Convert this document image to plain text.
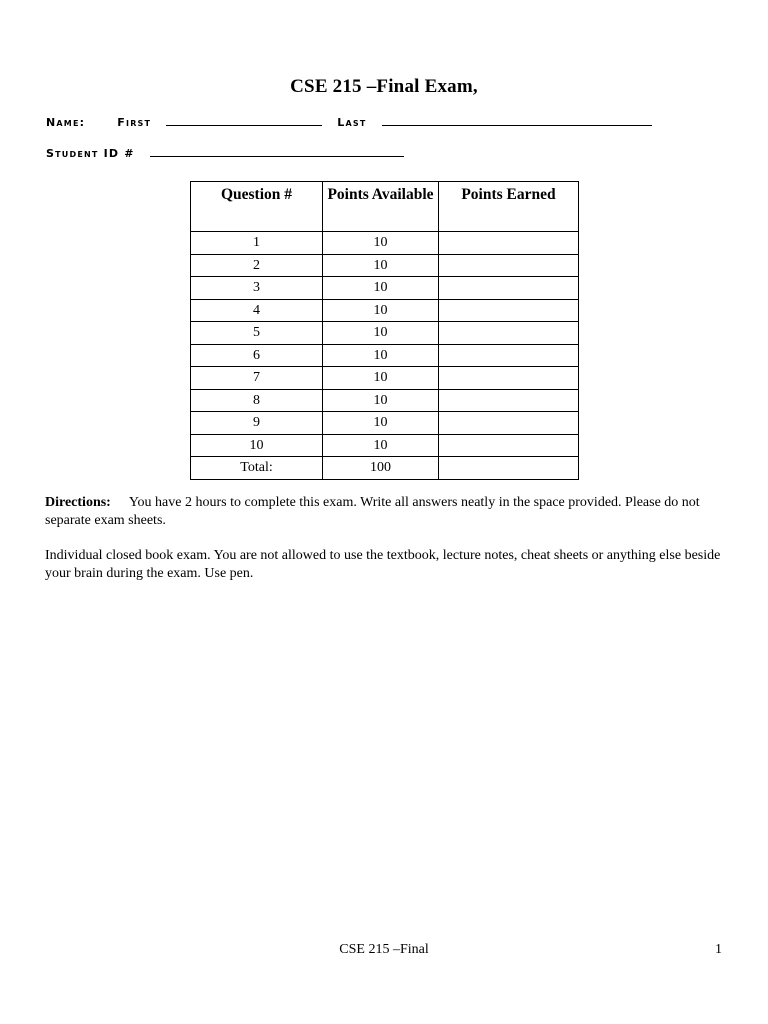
CSE 215 –Final Exam,
Name:	First	Last
Student ID #
Question #	Points Available	Points Earned
1	10	
2	10	
3	10	
4	10	
5	10	
6	10	
7	10	
8	10	
9	10	
10	10	
Total:	100	
Directions: You have 2 hours to complete this exam. Write all answers neatly in the space provided. Please do not separate exam sheets.
Individual closed book exam. You are not allowed to use the textbook, lecture notes, cheat sheets or anything else beside your brain during the exam. Use pen.
CSE 215 –Final	1
